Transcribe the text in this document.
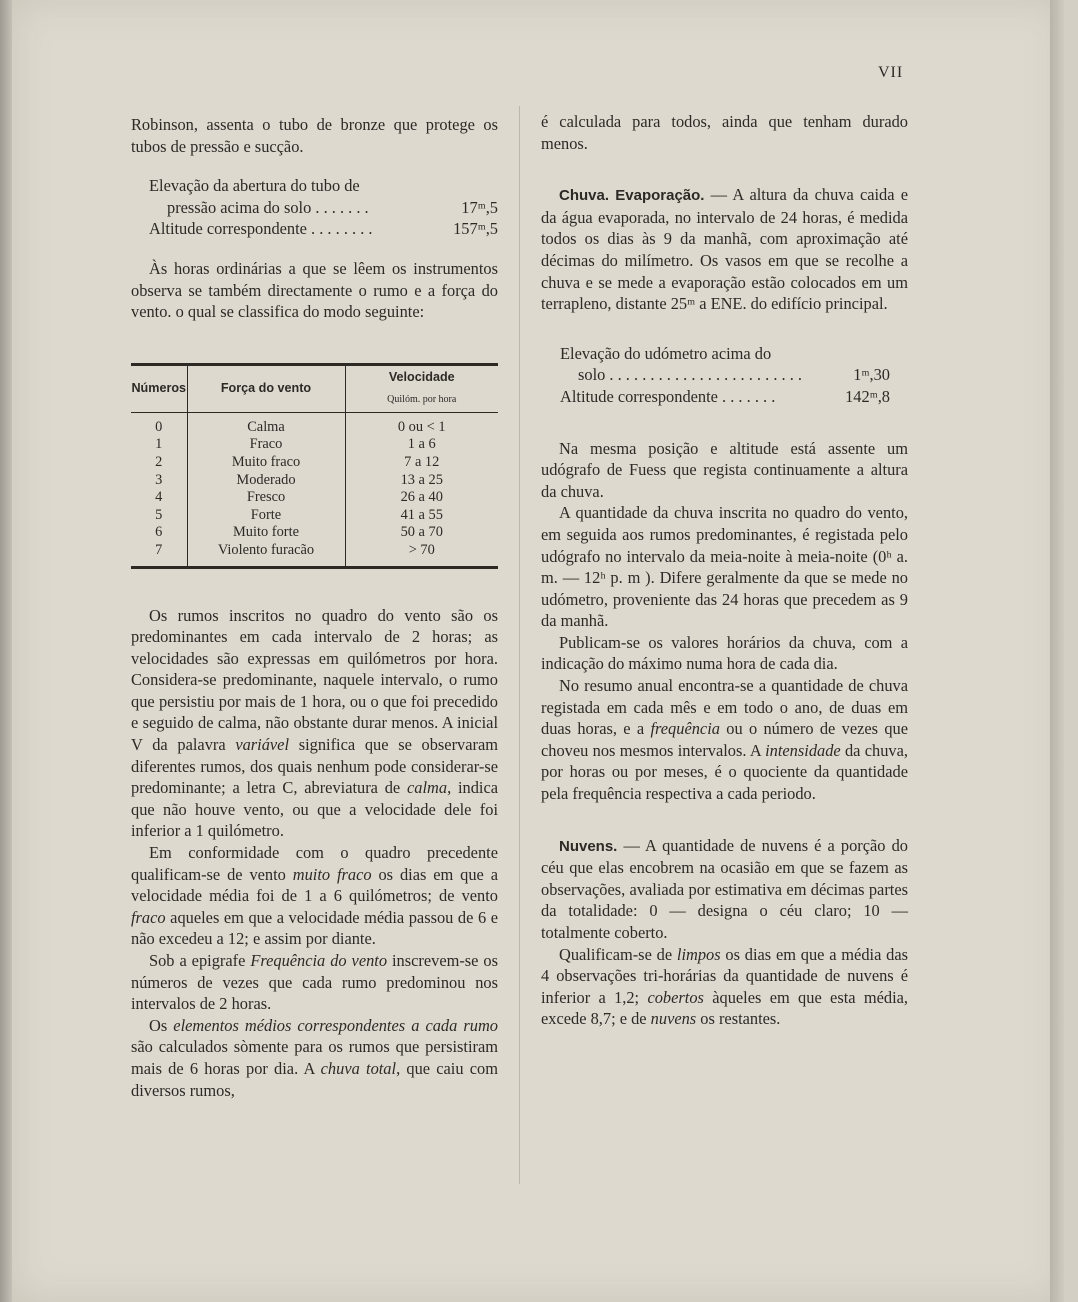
VII

Robinson, assenta o tubo de bronze que protege os tubos de pressão e sucção.

Elevação da abertura do tubo de
pressão acima do solo . . . . . . .	17ᵐ,5
Altitude correspondente . . . . . . . .	157ᵐ,5

Às horas ordinárias a que se lêem os instrumentos observa se também directamente o rumo e a força do vento. o qual se classifica do modo seguinte:

Números	Força do vento	Velocidade
Quilóm. por hora

0	Calma	0 ou < 1
1	Fraco	1 a 6
2	Muito fraco	7 a 12
3	Moderado	13 a 25
4	Fresco	26 a 40
5	Forte	41 a 55
6	Muito forte	50 a 70
7	Violento furacão	> 70

Os rumos inscritos no quadro do vento são os predominantes em cada intervalo de 2 horas; as velocidades são expressas em quilómetros por hora. Considera-se predominante, naquele intervalo, o rumo que persistiu por mais de 1 hora, ou o que foi precedido e seguido de calma, não obstante durar menos. A inicial V da palavra variável significa que se observaram diferentes rumos, dos quais nenhum pode considerar-se predominante; a letra C, abreviatura de calma, indica que não houve vento, ou que a velocidade dele foi inferior a 1 quilómetro.

Em conformidade com o quadro precedente qualificam-se de vento muito fraco os dias em que a velocidade média foi de 1 a 6 quilómetros; de vento fraco aqueles em que a velocidade média passou de 6 e não excedeu a 12; e assim por diante.

Sob a epigrafe Frequência do vento inscrevem-se os números de vezes que cada rumo predominou nos intervalos de 2 horas.

Os elementos médios correspondentes a cada rumo são calculados sòmente para os rumos que persistiram mais de 6 horas por dia. A chuva total, que caiu com diversos rumos,

é calculada para todos, ainda que tenham durado menos.

Chuva. Evaporação. — A altura da chuva caida e da água evaporada, no intervalo de 24 horas, é medida todos os dias às 9 da manhã, com aproximação até décimas do milímetro. Os vasos em que se recolhe a chuva e se mede a evaporação estão colocados em um terrapleno, distante 25ᵐ a ENE. do edifício principal.

Elevação do udómetro acima do
solo . . . . . . . . . . . . . . . . . . . . . . . .	1ᵐ,30
Altitude correspondente . . . . . . .	142ᵐ,8

Na mesma posição e altitude está assente um udógrafo de Fuess que regista continuamente a altura da chuva.

A quantidade da chuva inscrita no quadro do vento, em seguida aos rumos predominantes, é registada pelo udógrafo no intervalo da meia-noite à meia-noite (0ʰ a. m. — 12ʰ p. m ). Difere geralmente da que se mede no udómetro, proveniente das 24 horas que precedem as 9 da manhã.

Publicam-se os valores horários da chuva, com a indicação do máximo numa hora de cada dia.

No resumo anual encontra-se a quantidade de chuva registada em cada mês e em todo o ano, de duas em duas horas, e a frequência ou o número de vezes que choveu nos mesmos intervalos. A intensidade da chuva, por horas ou por meses, é o quociente da quantidade pela frequência respectiva a cada periodo.

Nuvens. — A quantidade de nuvens é a porção do céu que elas encobrem na ocasião em que se fazem as observações, avaliada por estimativa em décimas partes da totalidade: 0 — designa o céu claro; 10 — totalmente coberto.

Qualificam-se de limpos os dias em que a média das 4 observações tri-horárias da quantidade de nuvens é inferior a 1,2; cobertos àqueles em que esta média, excede 8,7; e de nuvens os restantes.
